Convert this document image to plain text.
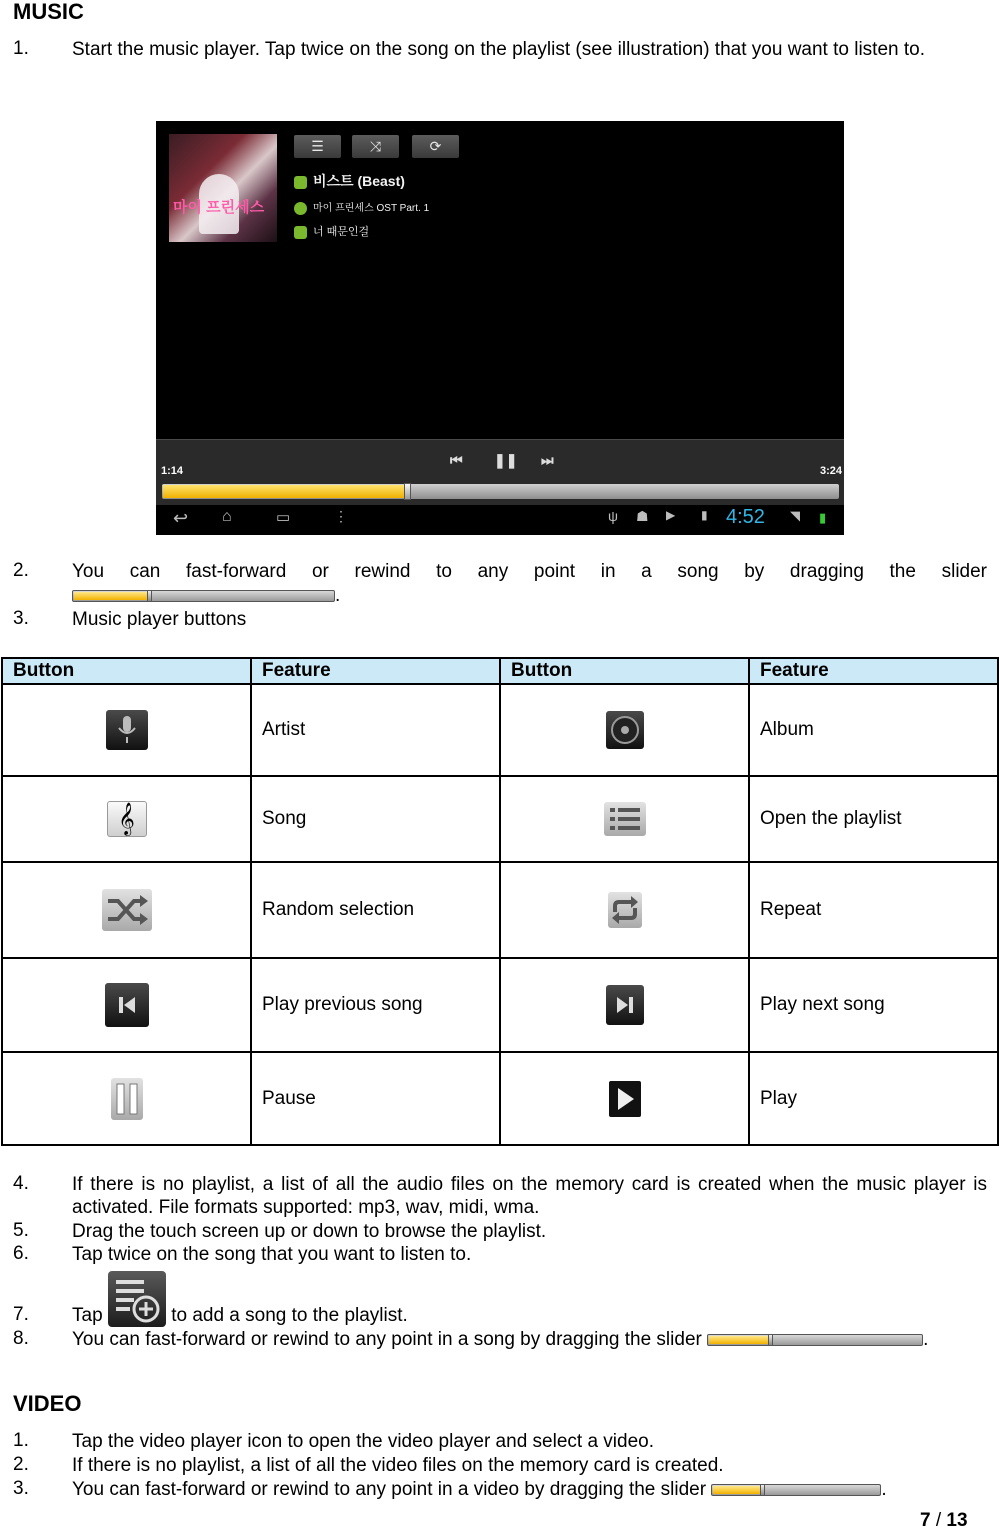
MUSIC
1. Start the music player. Tap twice on the song on the playlist (see illustration) that you want to listen to.
마이 프린세스
☰	⤨	⟳
비스트 (Beast)
마이 프린세스 OST Part. 1
너 때문인걸
⏮ ❚❚ ⏭
1:14	3:24
↩ ⌂	▭	⋮	ψ ☗ ▶ ▮ 4:52 ◥ ▮
2. You can fast-forward or rewind to any point in a song by dragging the slider
.
3. Music player buttons
Button	Feature	Button	Feature
	Artist		Album
𝄞	Song		Open the playlist
	Random selection		Repeat
	Play previous song		Play next song
	Pause		Play
4. If there is no playlist, a list of all the audio files on the memory card is created when the music player is activated. File formats supported: mp3, wav, midi, wma.
5. Drag the touch screen up or down to browse the playlist.
6. Tap twice on the song that you want to listen to.
7. Tap	to add a song to the playlist.
8. You can fast-forward or rewind to any point in a song by dragging the slider	.
VIDEO
1. Tap the video player icon to open the video player and select a video.
2. If there is no playlist, a list of all the video files on the memory card is created.
3. You can fast-forward or rewind to any point in a video by dragging the slider	.
7 / 13
